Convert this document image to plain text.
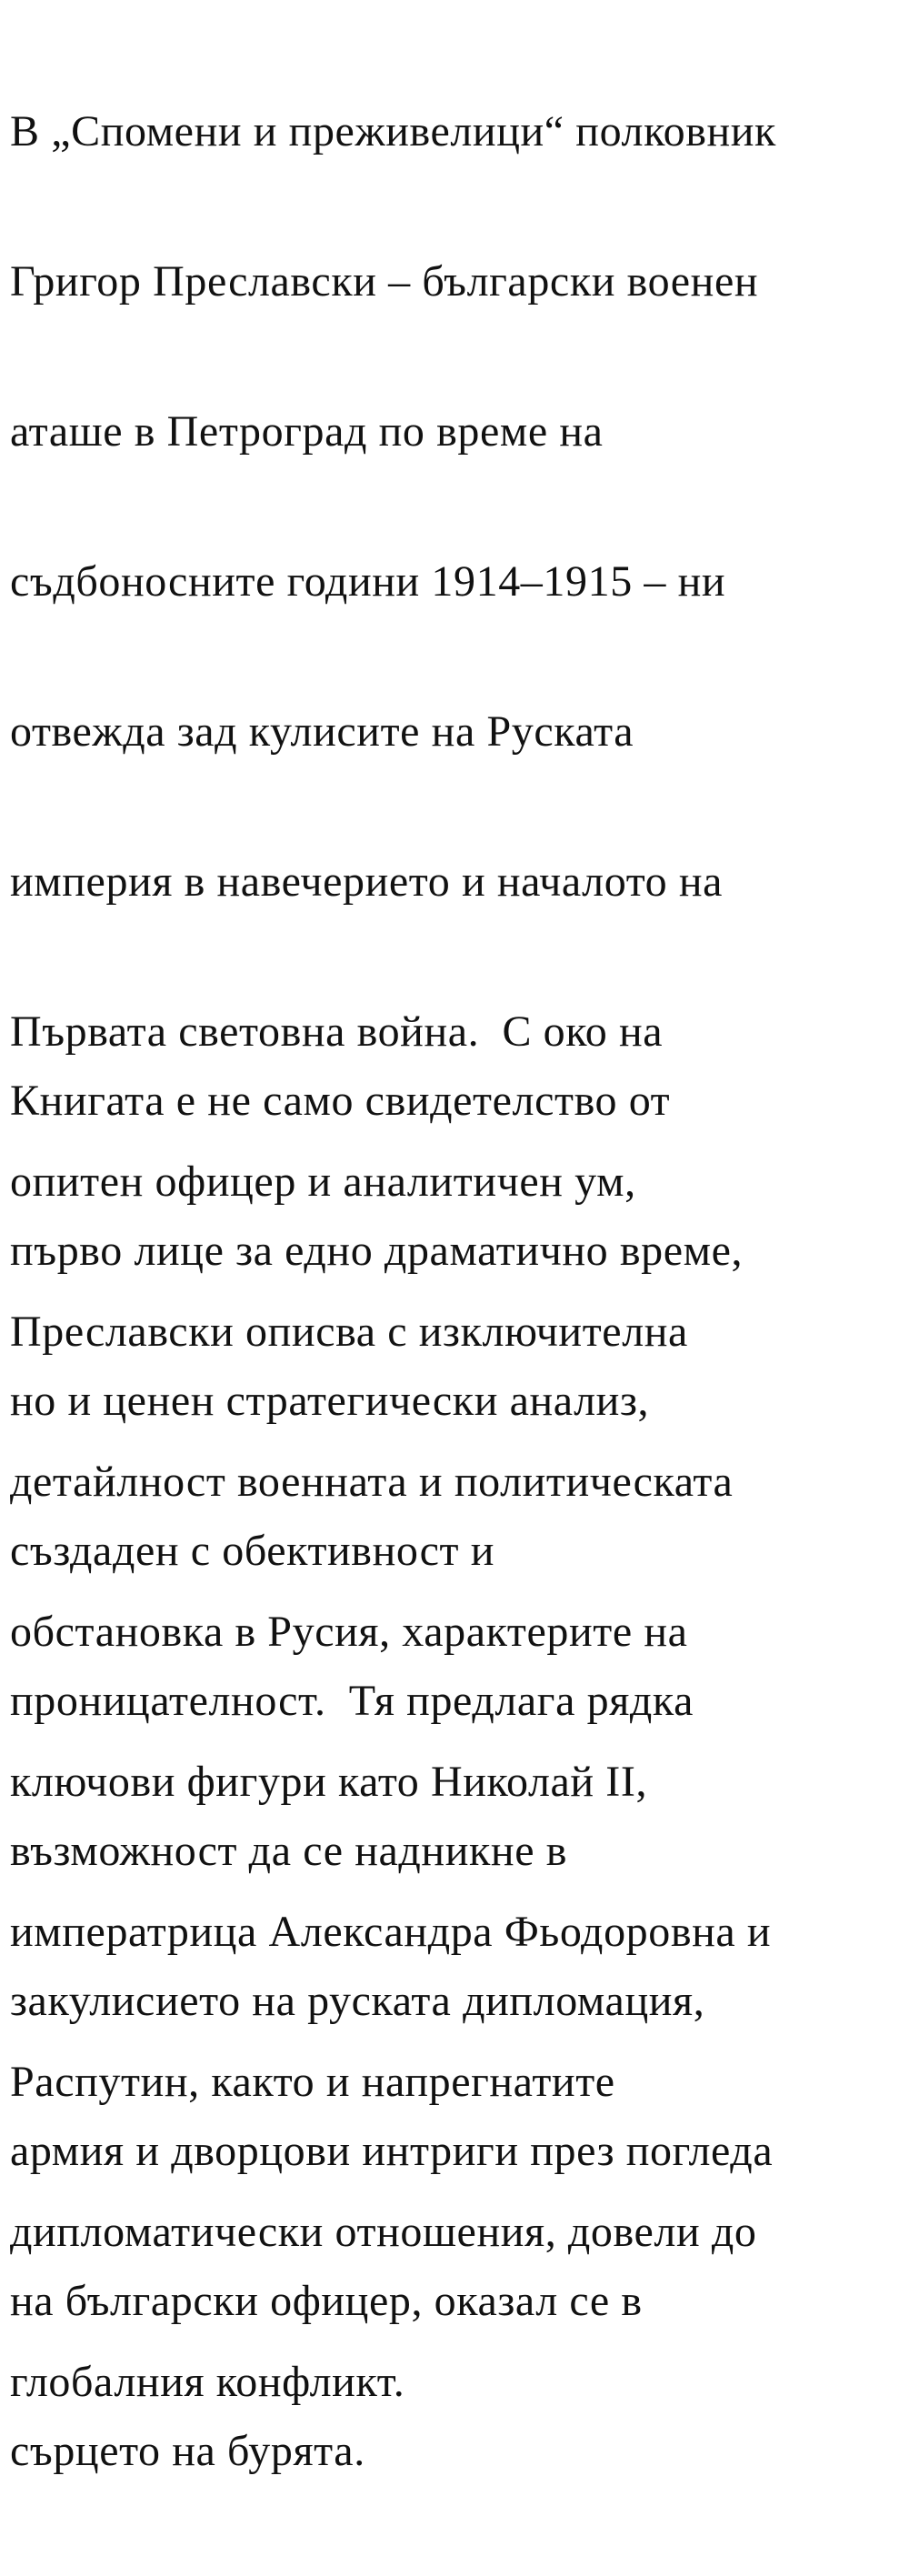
В „Спомени и преживелици“ полковник

Григор Преславски – български военен

аташе в Петроград по време на

съдбоносните години 1914–1915 – ни

отвежда зад кулисите на Руската

империя в навечерието и началото на

Първата световна война.  С око на

опитен офицер и аналитичен ум,

Преславски описва с изключителна

детайлност военната и политическата

обстановка в Русия, характерите на

ключови фигури като Николай II,

императрица Александра Фьодоровна и

Распутин, както и напрегнатите

дипломатически отношения, довели до

глобалния конфликт.

Книгата е не само свидетелство от

първо лице за едно драматично време,

но и ценен стратегически анализ,

създаден с обективност и

проницателност.  Тя предлага рядка

възможност да се надникне в

закулисието на руската дипломация,

армия и дворцови интриги през погледа

на български офицер, оказал се в

сърцето на бурята.
